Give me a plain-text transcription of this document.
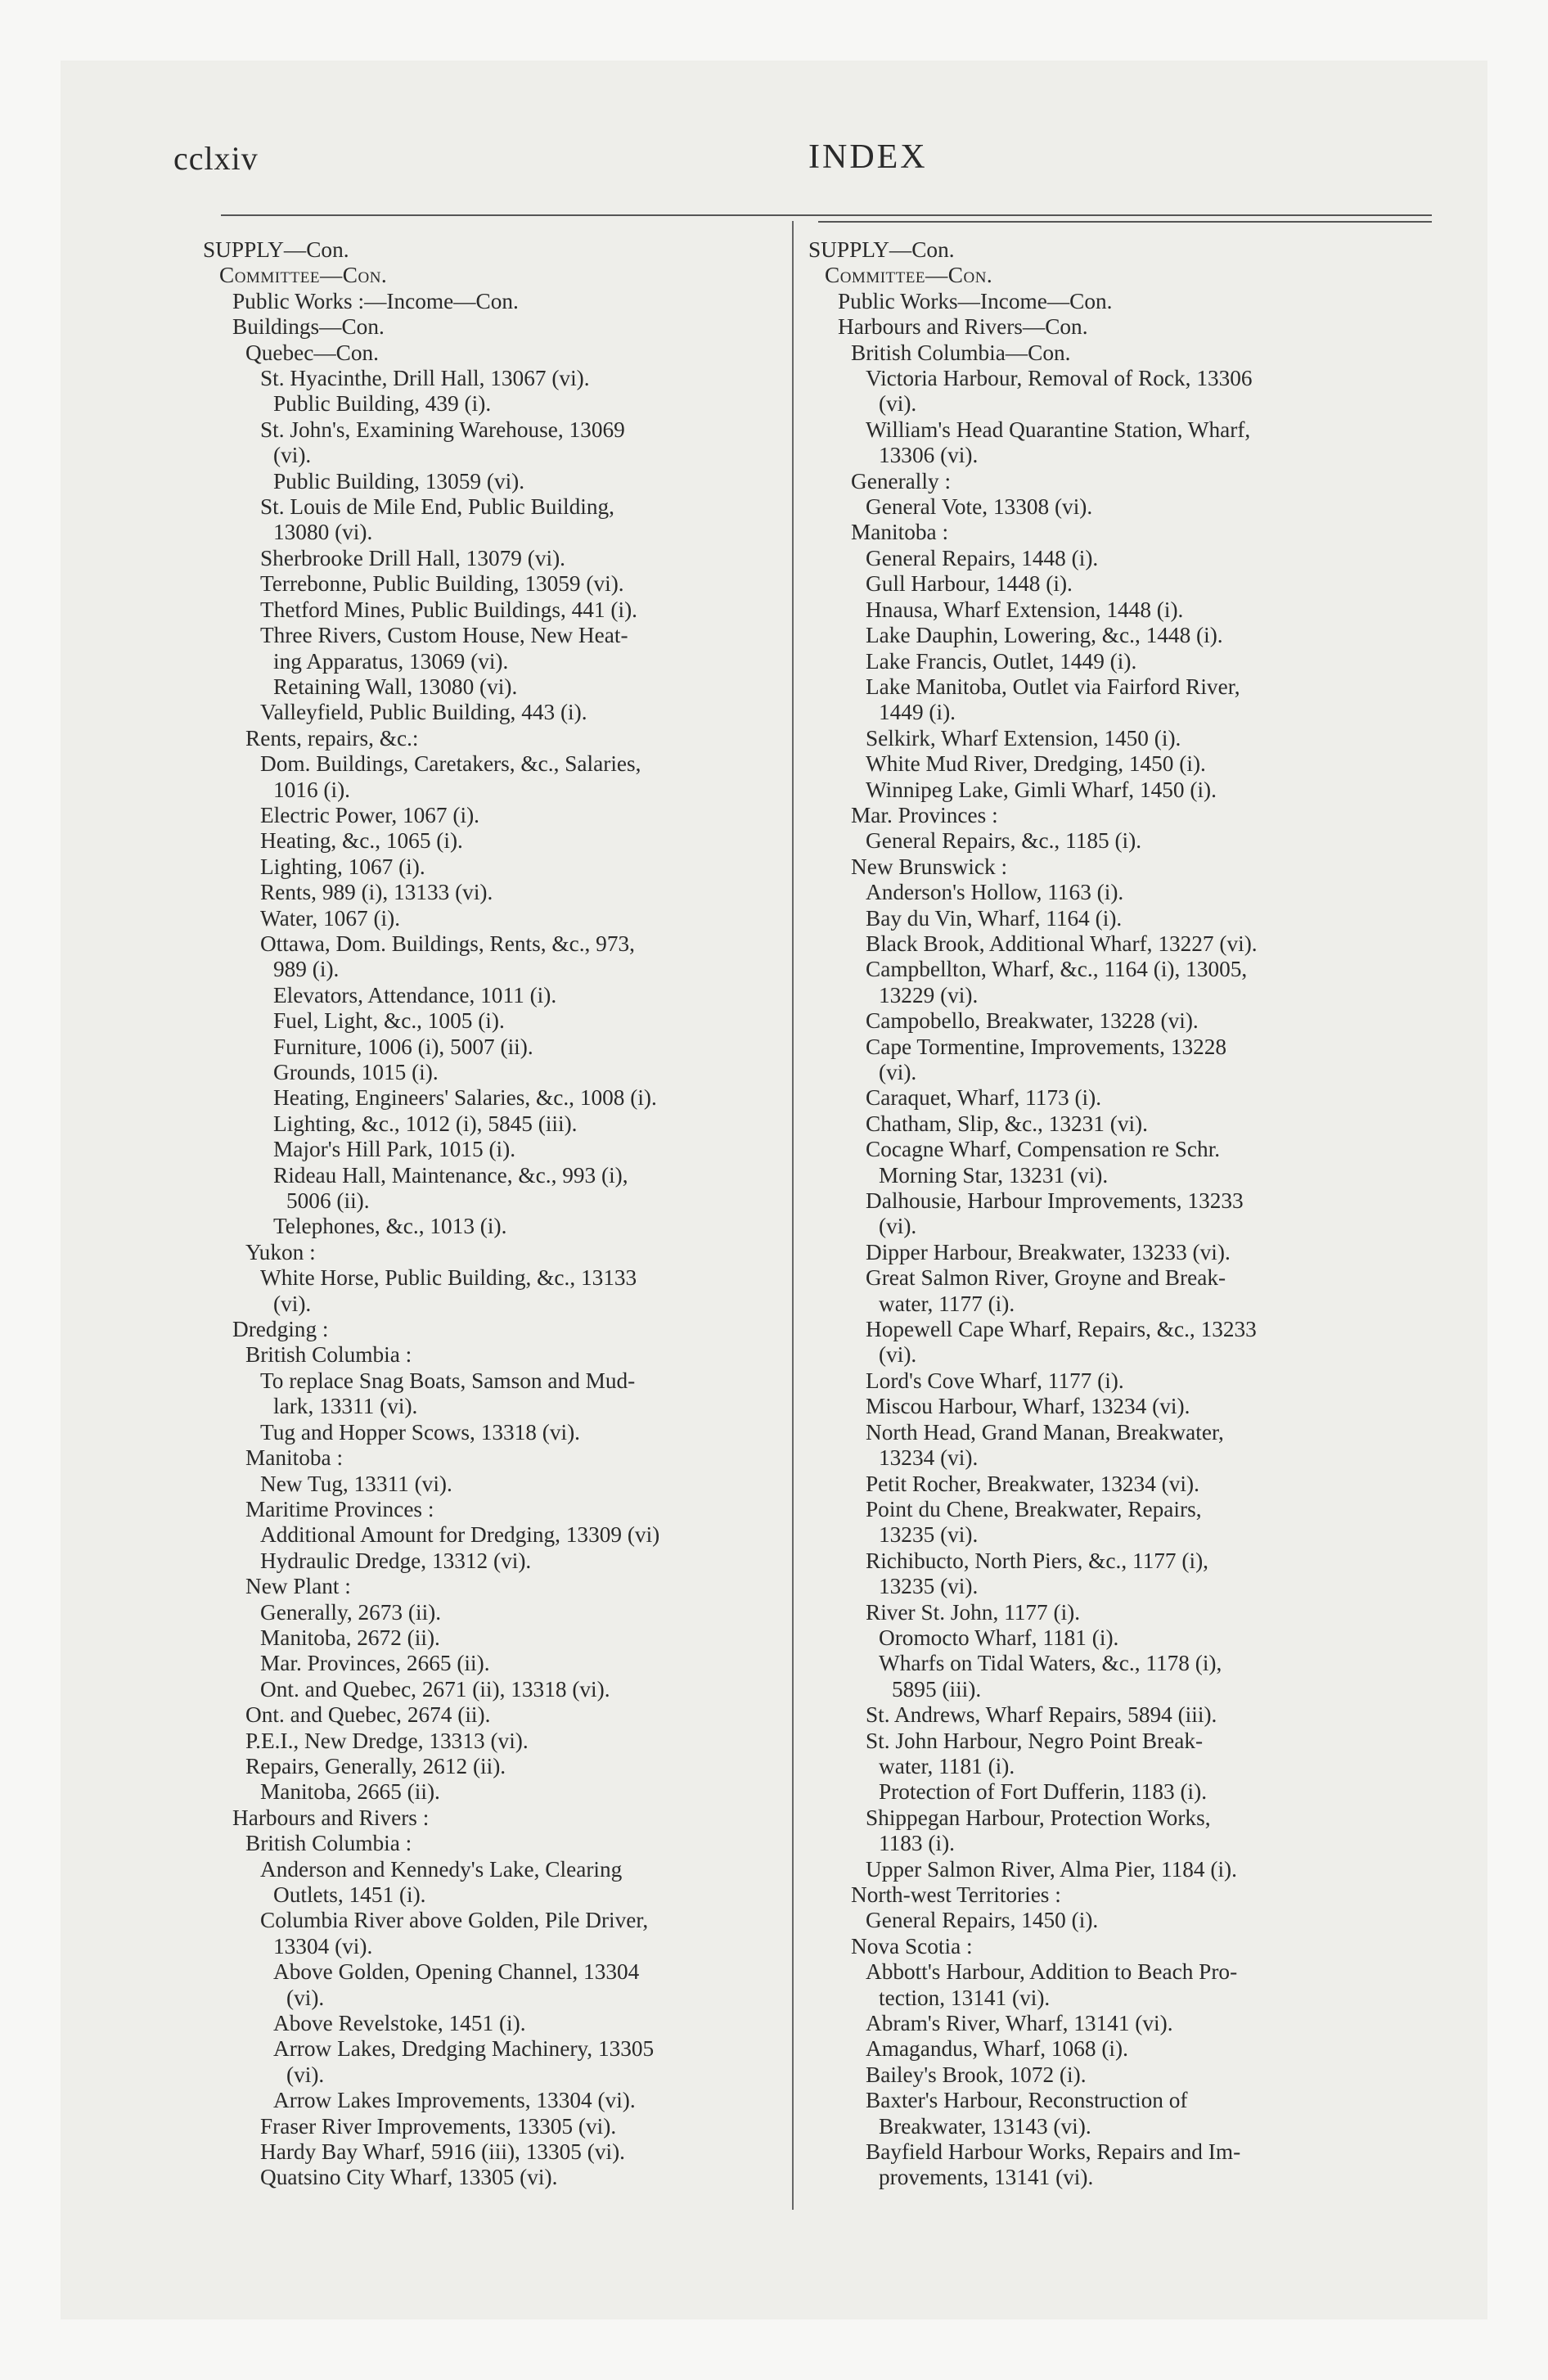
cclxiv	INDEX
SUPPLY—Con.
Committee—Con.
Public Works :—Income—Con.
Buildings—Con.
Quebec—Con.
St. Hyacinthe, Drill Hall, 13067 (vi).
Public Building, 439 (i).
St. John's, Examining Warehouse, 13069
(vi).
Public Building, 13059 (vi).
St. Louis de Mile End, Public Building,
13080 (vi).
Sherbrooke Drill Hall, 13079 (vi).
Terrebonne, Public Building, 13059 (vi).
Thetford Mines, Public Buildings, 441 (i).
Three Rivers, Custom House, New Heat-
ing Apparatus, 13069 (vi).
Retaining Wall, 13080 (vi).
Valleyfield, Public Building, 443 (i).
Rents, repairs, &c.:
Dom. Buildings, Caretakers, &c., Salaries,
1016 (i).
Electric Power, 1067 (i).
Heating, &c., 1065 (i).
Lighting, 1067 (i).
Rents, 989 (i), 13133 (vi).
Water, 1067 (i).
Ottawa, Dom. Buildings, Rents, &c., 973,
989 (i).
Elevators, Attendance, 1011 (i).
Fuel, Light, &c., 1005 (i).
Furniture, 1006 (i), 5007 (ii).
Grounds, 1015 (i).
Heating, Engineers' Salaries, &c., 1008 (i).
Lighting, &c., 1012 (i), 5845 (iii).
Major's Hill Park, 1015 (i).
Rideau Hall, Maintenance, &c., 993 (i),
5006 (ii).
Telephones, &c., 1013 (i).
Yukon :
White Horse, Public Building, &c., 13133
(vi).
Dredging :
British Columbia :
To replace Snag Boats, Samson and Mud-
lark, 13311 (vi).
Tug and Hopper Scows, 13318 (vi).
Manitoba :
New Tug, 13311 (vi).
Maritime Provinces :
Additional Amount for Dredging, 13309 (vi)
Hydraulic Dredge, 13312 (vi).
New Plant :
Generally, 2673 (ii).
Manitoba, 2672 (ii).
Mar. Provinces, 2665 (ii).
Ont. and Quebec, 2671 (ii), 13318 (vi).
Ont. and Quebec, 2674 (ii).
P.E.I., New Dredge, 13313 (vi).
Repairs, Generally, 2612 (ii).
Manitoba, 2665 (ii).
Harbours and Rivers :
British Columbia :
Anderson and Kennedy's Lake, Clearing
Outlets, 1451 (i).
Columbia River above Golden, Pile Driver,
13304 (vi).
Above Golden, Opening Channel, 13304
(vi).
Above Revelstoke, 1451 (i).
Arrow Lakes, Dredging Machinery, 13305
(vi).
Arrow Lakes Improvements, 13304 (vi).
Fraser River Improvements, 13305 (vi).
Hardy Bay Wharf, 5916 (iii), 13305 (vi).
Quatsino City Wharf, 13305 (vi).
SUPPLY—Con.
Committee—Con.
Public Works—Income—Con.
Harbours and Rivers—Con.
British Columbia—Con.
Victoria Harbour, Removal of Rock, 13306
(vi).
William's Head Quarantine Station, Wharf,
13306 (vi).
Generally :
General Vote, 13308 (vi).
Manitoba :
General Repairs, 1448 (i).
Gull Harbour, 1448 (i).
Hnausa, Wharf Extension, 1448 (i).
Lake Dauphin, Lowering, &c., 1448 (i).
Lake Francis, Outlet, 1449 (i).
Lake Manitoba, Outlet via Fairford River,
1449 (i).
Selkirk, Wharf Extension, 1450 (i).
White Mud River, Dredging, 1450 (i).
Winnipeg Lake, Gimli Wharf, 1450 (i).
Mar. Provinces :
General Repairs, &c., 1185 (i).
New Brunswick :
Anderson's Hollow, 1163 (i).
Bay du Vin, Wharf, 1164 (i).
Black Brook, Additional Wharf, 13227 (vi).
Campbellton, Wharf, &c., 1164 (i), 13005,
13229 (vi).
Campobello, Breakwater, 13228 (vi).
Cape Tormentine, Improvements, 13228
(vi).
Caraquet, Wharf, 1173 (i).
Chatham, Slip, &c., 13231 (vi).
Cocagne Wharf, Compensation re Schr.
Morning Star, 13231 (vi).
Dalhousie, Harbour Improvements, 13233
(vi).
Dipper Harbour, Breakwater, 13233 (vi).
Great Salmon River, Groyne and Break-
water, 1177 (i).
Hopewell Cape Wharf, Repairs, &c., 13233
(vi).
Lord's Cove Wharf, 1177 (i).
Miscou Harbour, Wharf, 13234 (vi).
North Head, Grand Manan, Breakwater,
13234 (vi).
Petit Rocher, Breakwater, 13234 (vi).
Point du Chene, Breakwater, Repairs,
13235 (vi).
Richibucto, North Piers, &c., 1177 (i),
13235 (vi).
River St. John, 1177 (i).
Oromocto Wharf, 1181 (i).
Wharfs on Tidal Waters, &c., 1178 (i),
5895 (iii).
St. Andrews, Wharf Repairs, 5894 (iii).
St. John Harbour, Negro Point Break-
water, 1181 (i).
Protection of Fort Dufferin, 1183 (i).
Shippegan Harbour, Protection Works,
1183 (i).
Upper Salmon River, Alma Pier, 1184 (i).
North-west Territories :
General Repairs, 1450 (i).
Nova Scotia :
Abbott's Harbour, Addition to Beach Pro-
tection, 13141 (vi).
Abram's River, Wharf, 13141 (vi).
Amagandus, Wharf, 1068 (i).
Bailey's Brook, 1072 (i).
Baxter's Harbour, Reconstruction of
Breakwater, 13143 (vi).
Bayfield Harbour Works, Repairs and Im-
provements, 13141 (vi).
